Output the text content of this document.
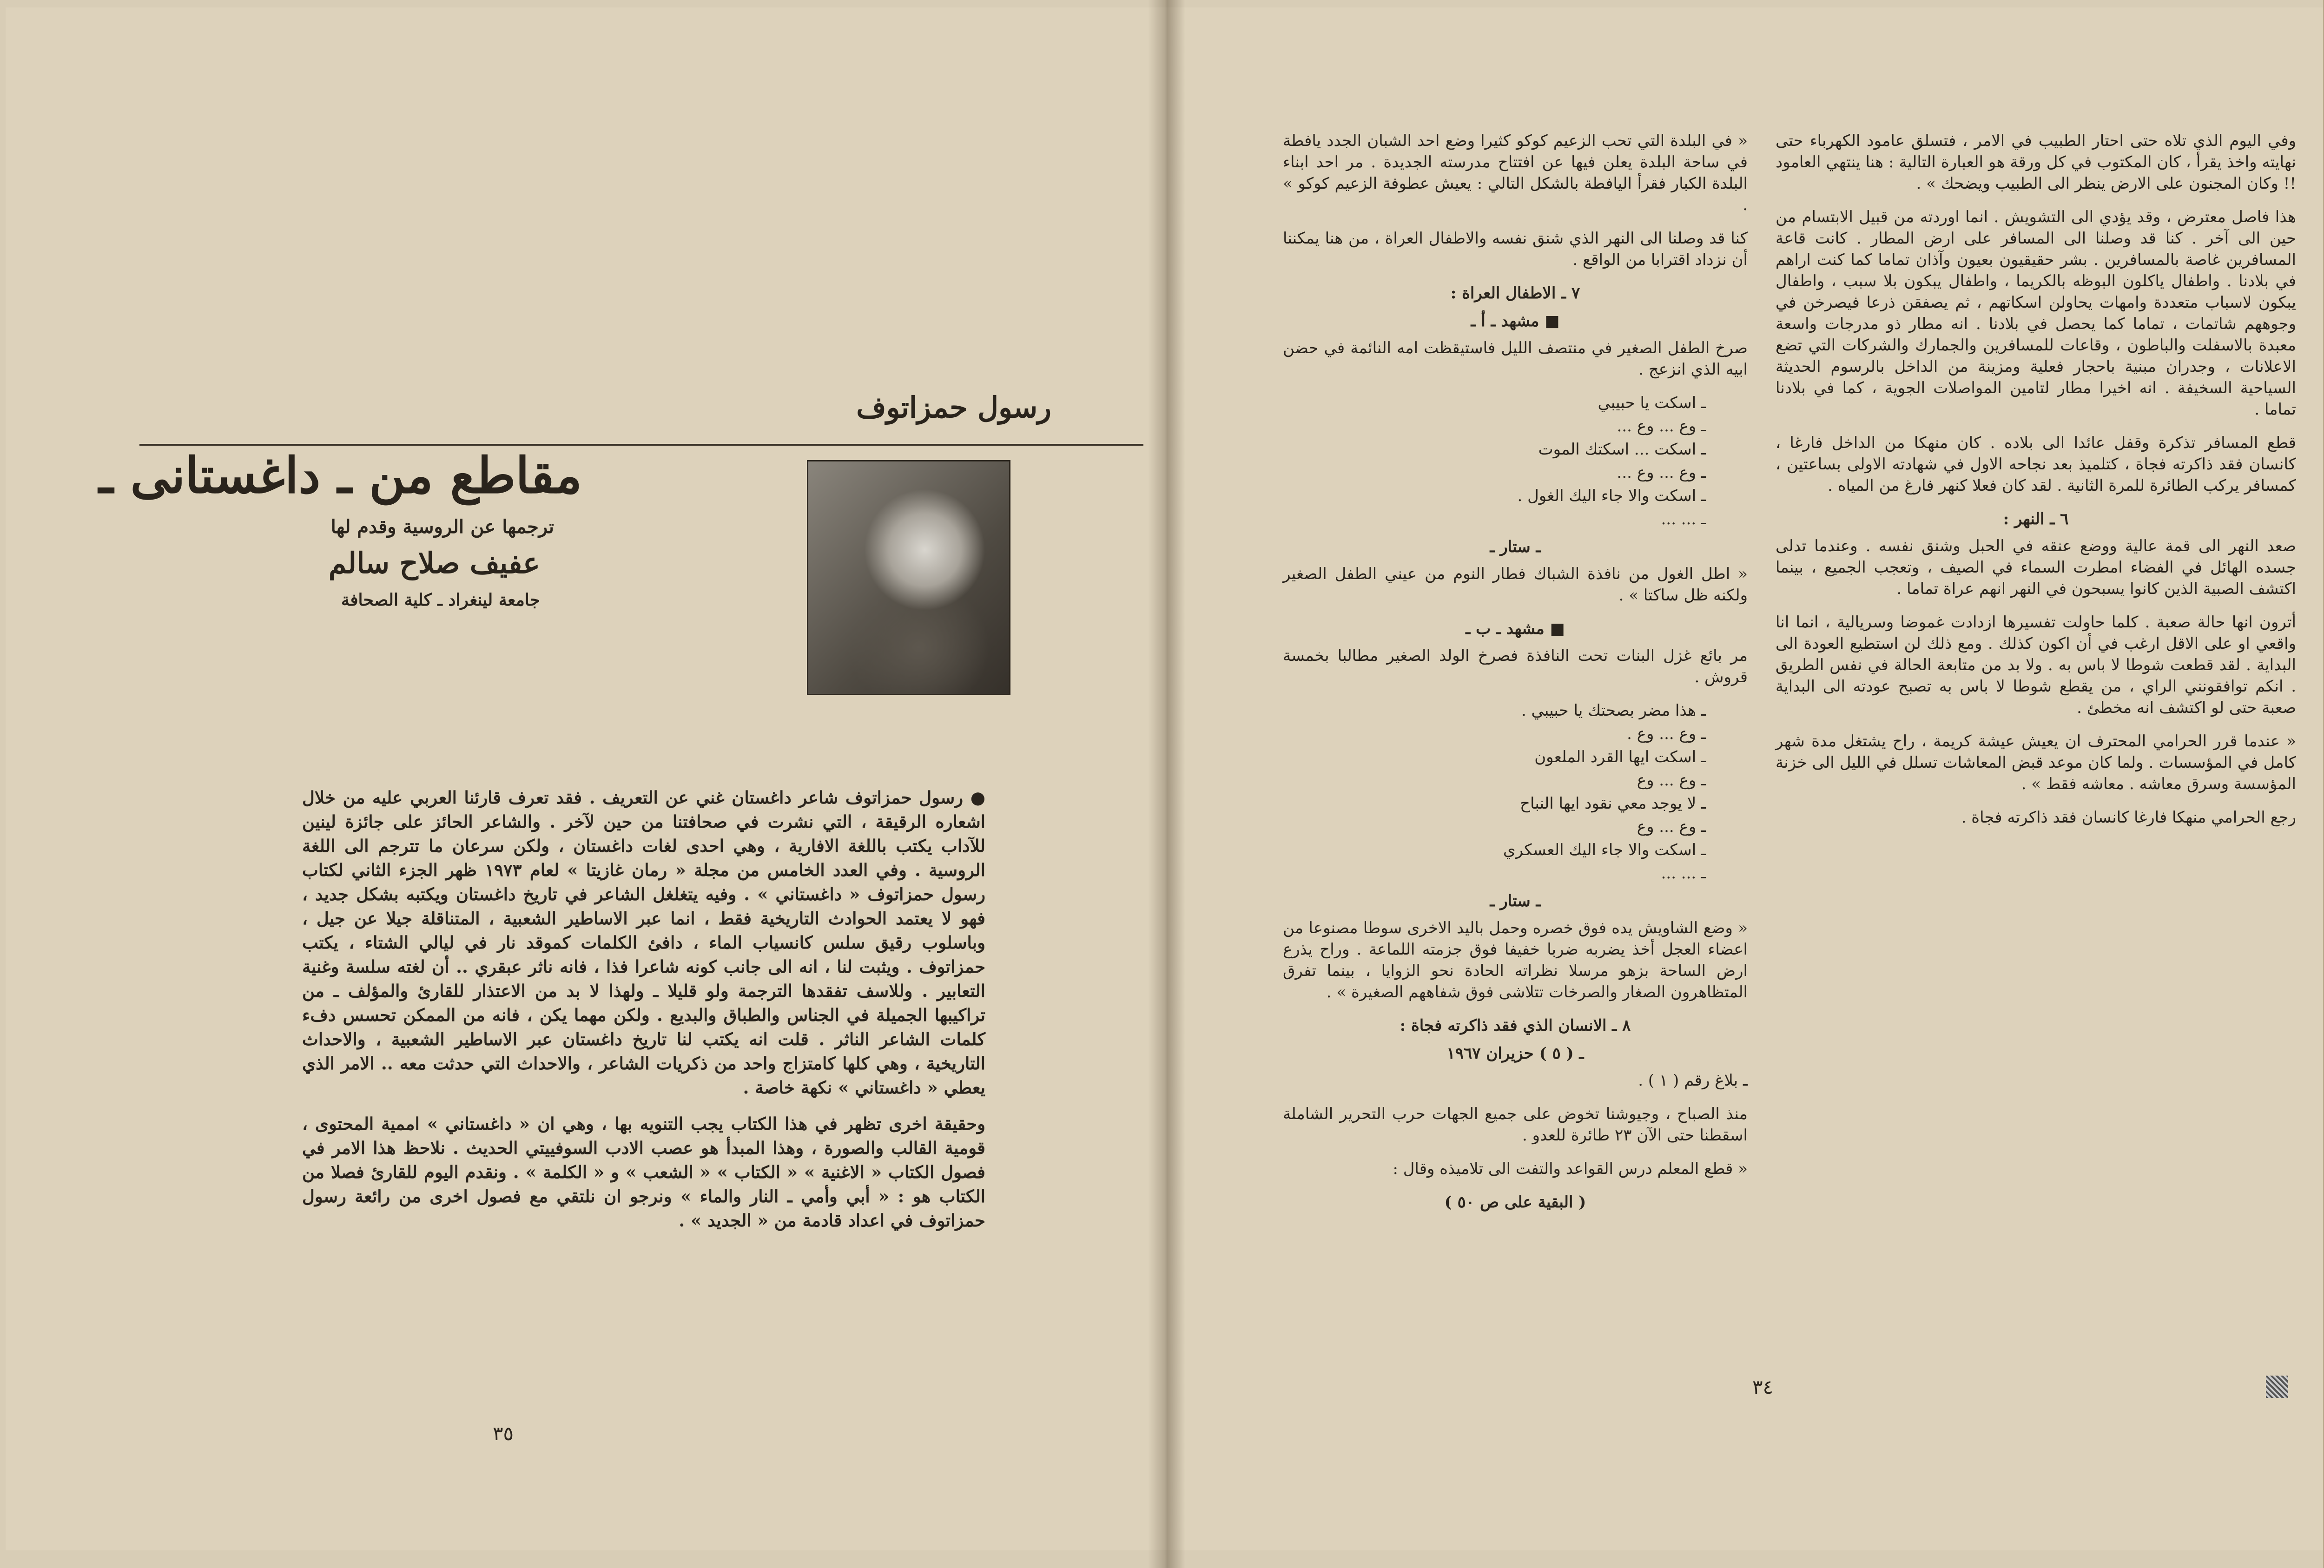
رسول حمزاتوف
مقاطع من ـ داغستانى ـ
ترجمها عن الروسية وقدم لها
عفيف صلاح سالم
جامعة لينغراد ـ كلية الصحافة

● رسول حمزاتوف شاعر داغستان غني عن التعريف . فقد تعرف قارئنا العربي عليه من خلال اشعاره الرقيقة ، التي نشرت في صحافتنا من حين لآخر . والشاعر الحائز على جائزة لينين للآداب يكتب باللغة الافارية ، وهي احدى لغات داغستان ، ولكن سرعان ما تترجم الى اللغة الروسية . وفي العدد الخامس من مجلة « رمان غازيتا » لعام ١٩٧٣ ظهر الجزء الثاني لكتاب رسول حمزاتوف « داغستاني » . وفيه يتغلغل الشاعر في تاريخ داغستان ويكتبه بشكل جديد ، فهو لا يعتمد الحوادث التاريخية فقط ، انما عبر الاساطير الشعبية ، المتناقلة جيلا عن جيل ، وباسلوب رقيق سلس كانسياب الماء ، دافئ الكلمات كموقد نار في ليالي الشتاء ، يكتب حمزاتوف . ويثبت لنا ، انه الى جانب كونه شاعرا فذا ، فانه ناثر عبقري .. أن لغته سلسة وغنية التعابير . وللاسف تفقدها الترجمة ولو قليلا ـ ولهذا لا بد من الاعتذار للقارئ والمؤلف ـ من تراكيبها الجميلة في الجناس والطباق والبديع . ولكن مهما يكن ، فانه من الممكن تحسس دفء كلمات الشاعر الناثر . قلت انه يكتب لنا تاريخ داغستان عبر الاساطير الشعبية ، والاحداث التاريخية ، وهي كلها كامتزاج واحد من ذكريات الشاعر ، والاحداث التي حدثت معه .. الامر الذي يعطي « داغستاني » نكهة خاصة .

وحقيقة اخرى تظهر في هذا الكتاب يجب التنويه بها ، وهي ان « داغستاني » اممية المحتوى ، قومية القالب والصورة ، وهذا المبدأ هو عصب الادب السوفييتي الحديث . نلاحظ هذا الامر في فصول الكتاب « الاغنية » « الكتاب » « الشعب » و « الكلمة » . ونقدم اليوم للقارئ فصلا من الكتاب هو : « أبي وأمي ـ النار والماء » ونرجو ان نلتقي مع فصول اخرى من رائعة رسول حمزاتوف في اعداد قادمة من « الجديد » .

٣٥

وفي اليوم الذي تلاه حتى احتار الطبيب في الامر ، فتسلق عامود الكهرباء حتى نهايته واخذ يقرأ ، كان المكتوب في كل ورقة هو العبارة التالية : هنا ينتهي العامود !! وكان المجنون على الارض ينظر الى الطبيب ويضحك » .

هذا فاصل معترض ، وقد يؤدي الى التشويش . انما اوردته من قبيل الابتسام من حين الى آخر . كنا قد وصلنا الى المسافر على ارض المطار . كانت قاعة المسافرين غاصة بالمسافرين . بشر حقيقيون بعيون وآذان تماما كما كنت اراهم في بلادنا . واطفال ياكلون البوظه بالكريما ، واطفال يبكون بلا سبب ، واطفال يبكون لاسباب متعددة وامهات يحاولن اسكاتهم ، ثم يصفقن ذرعا فيصرخن في وجوههم شاتمات ، تماما كما يحصل في بلادنا . انه مطار ذو مدرجات واسعة معبدة بالاسفلت والباطون ، وقاعات للمسافرين والجمارك والشركات التي تضع الاعلانات ، وجدران مبنية باحجار فعلية ومزينة من الداخل بالرسوم الحديثة السياحية السخيفة . انه اخيرا مطار لتامين المواصلات الجوية ، كما في بلادنا تماما .

قطع المسافر تذكرة وقفل عائدا الى بلاده . كان منهكا من الداخل فارغا ، كانسان فقد ذاكرته فجاة ، كتلميذ بعد نجاحه الاول في شهادته الاولى بساعتين ، كمسافر يركب الطائرة للمرة الثانية . لقد كان فعلا كنهر فارغ من المياه .

٦ ـ النهر :

صعد النهر الى قمة عالية ووضع عنقه في الحبل وشنق نفسه . وعندما تدلى جسده الهائل في الفضاء امطرت السماء في الصيف ، وتعجب الجميع ، بينما اكتشف الصبية الذين كانوا يسبحون في النهر انهم عراة تماما .

أترون انها حالة صعبة . كلما حاولت تفسيرها ازدادت غموضا وسريالية ، انما انا واقعي او على الاقل ارغب في أن اكون كذلك . ومع ذلك لن استطيع العودة الى البداية . لقد قطعت شوطا لا باس به . ولا بد من متابعة الحالة في نفس الطريق . انكم توافقونني الراي ، من يقطع شوطا لا باس به تصبح عودته الى البداية صعبة حتى لو اكتشف انه مخطئ .

« عندما قرر الحرامي المحترف ان يعيش عيشة كريمة ، راح يشتغل مدة شهر كامل في المؤسسات . ولما كان موعد قبض المعاشات تسلل في الليل الى خزنة المؤسسة وسرق معاشه . معاشه فقط » .

رجع الحرامي منهكا فارغا كانسان فقد ذاكرته فجاة .

« في البلدة التي تحب الزعيم كوكو كثيرا وضع احد الشبان الجدد يافطة في ساحة البلدة يعلن فيها عن افتتاح مدرسته الجديدة . مر احد ابناء البلدة الكبار فقرأ اليافطة بالشكل التالي : يعيش عطوفة الزعيم كوكو » .

كنا قد وصلنا الى النهر الذي شنق نفسه والاطفال العراة ، من هنا يمكننا أن نزداد اقترابا من الواقع .

٧ ـ الاطفال العراة :
■ مشهد ـ أ ـ

صرخ الطفل الصغير في منتصف الليل فاستيقظت امه النائمة في حضن ابيه الذي انزعج .

ـ اسكت يا حبيبي

ـ وع ... وع ...

ـ اسكت ... اسكتك الموت

ـ وع ... وع ...

ـ اسكت والا جاء اليك الغول .

ـ ... ...

ـ ستار ـ

« اطل الغول من نافذة الشباك فطار النوم من عيني الطفل الصغير ولكنه ظل ساكتا » .

■ مشهد ـ ب ـ

مر بائع غزل البنات تحت النافذة فصرخ الولد الصغير مطالبا بخمسة قروش .

ـ هذا مضر بصحتك يا حبيبي .

ـ وع ... وع .

ـ اسكت ايها القرد الملعون

ـ وع ... وع

ـ لا يوجد معي نقود ايها النباح

ـ وع ... وع

ـ اسكت والا جاء اليك العسكري

ـ ... ...

ـ ستار ـ

« وضع الشاويش يده فوق خصره وحمل باليد الاخرى سوطا مصنوعا من اعضاء العجل أخذ يضربه ضربا خفيفا فوق جزمته اللماعة . وراح يذرع ارض الساحة بزهو مرسلا نظراته الحادة نحو الزوايا ، بينما تفرق المتظاهرون الصغار والصرخات تتلاشى فوق شفاههم الصغيرة » .

٨ ـ الانسان الذي فقد ذاكرته فجاة :
ـ ( ٥ ) حزيران ١٩٦٧

ـ بلاغ رقم ( ١ ) .

منذ الصباح ، وجيوشنا تخوض على جميع الجهات حرب التحرير الشاملة اسقطنا حتى الآن ٢٣ طائرة للعدو .

« قطع المعلم درس القواعد والتفت الى تلاميذه وقال :

( البقية على ص ٥٠ )
٣٤
